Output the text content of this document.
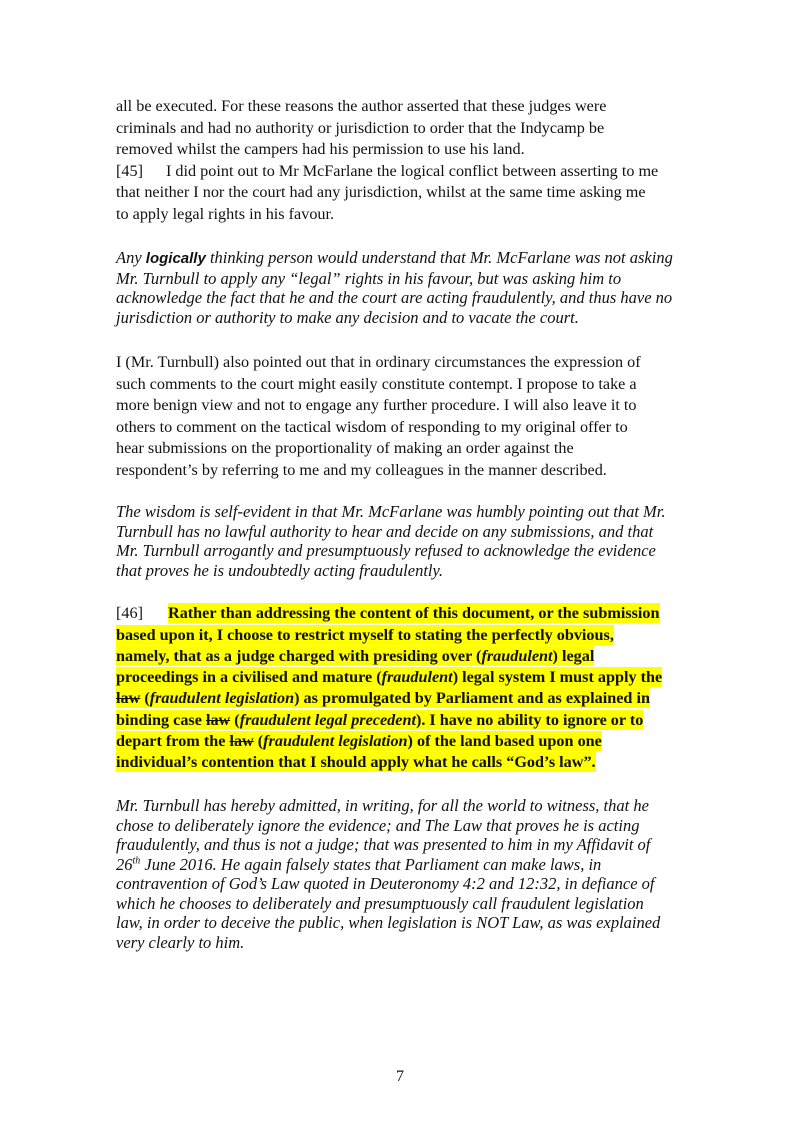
all be executed. For these reasons the author asserted that these judges were
criminals and had no authority or jurisdiction to order that the Indycamp be
removed whilst the campers had his permission to use his land.
[45] I did point out to Mr McFarlane the logical conflict between asserting to me
that neither I nor the court had any jurisdiction, whilst at the same time asking me
to apply legal rights in his favour.
Any logically thinking person would understand that Mr. McFarlane was not asking
Mr. Turnbull to apply any “legal” rights in his favour, but was asking him to
acknowledge the fact that he and the court are acting fraudulently, and thus have no
jurisdiction or authority to make any decision and to vacate the court.
I (Mr. Turnbull) also pointed out that in ordinary circumstances the expression of
such comments to the court might easily constitute contempt. I propose to take a
more benign view and not to engage any further procedure. I will also leave it to
others to comment on the tactical wisdom of responding to my original offer to
hear submissions on the proportionality of making an order against the
respondent’s by referring to me and my colleagues in the manner described.
The wisdom is self-evident in that Mr. McFarlane was humbly pointing out that Mr.
Turnbull has no lawful authority to hear and decide on any submissions, and that
Mr. Turnbull arrogantly and presumptuously refused to acknowledge the evidence
that proves he is undoubtedly acting fraudulently.
[46] Rather than addressing the content of this document, or the submission
based upon it, I choose to restrict myself to stating the perfectly obvious,
namely, that as a judge charged with presiding over (fraudulent) legal
proceedings in a civilised and mature (fraudulent) legal system I must apply the
law (fraudulent legislation) as promulgated by Parliament and as explained in
binding case law (fraudulent legal precedent). I have no ability to ignore or to
depart from the law (fraudulent legislation) of the land based upon one
individual’s contention that I should apply what he calls “God’s law”.
Mr. Turnbull has hereby admitted, in writing, for all the world to witness, that he
chose to deliberately ignore the evidence; and The Law that proves he is acting
fraudulently, and thus is not a judge; that was presented to him in my Affidavit of
26th June 2016. He again falsely states that Parliament can make laws, in
contravention of God’s Law quoted in Deuteronomy 4:2 and 12:32, in defiance of
which he chooses to deliberately and presumptuously call fraudulent legislation
law, in order to deceive the public, when legislation is NOT Law, as was explained
very clearly to him.
7
